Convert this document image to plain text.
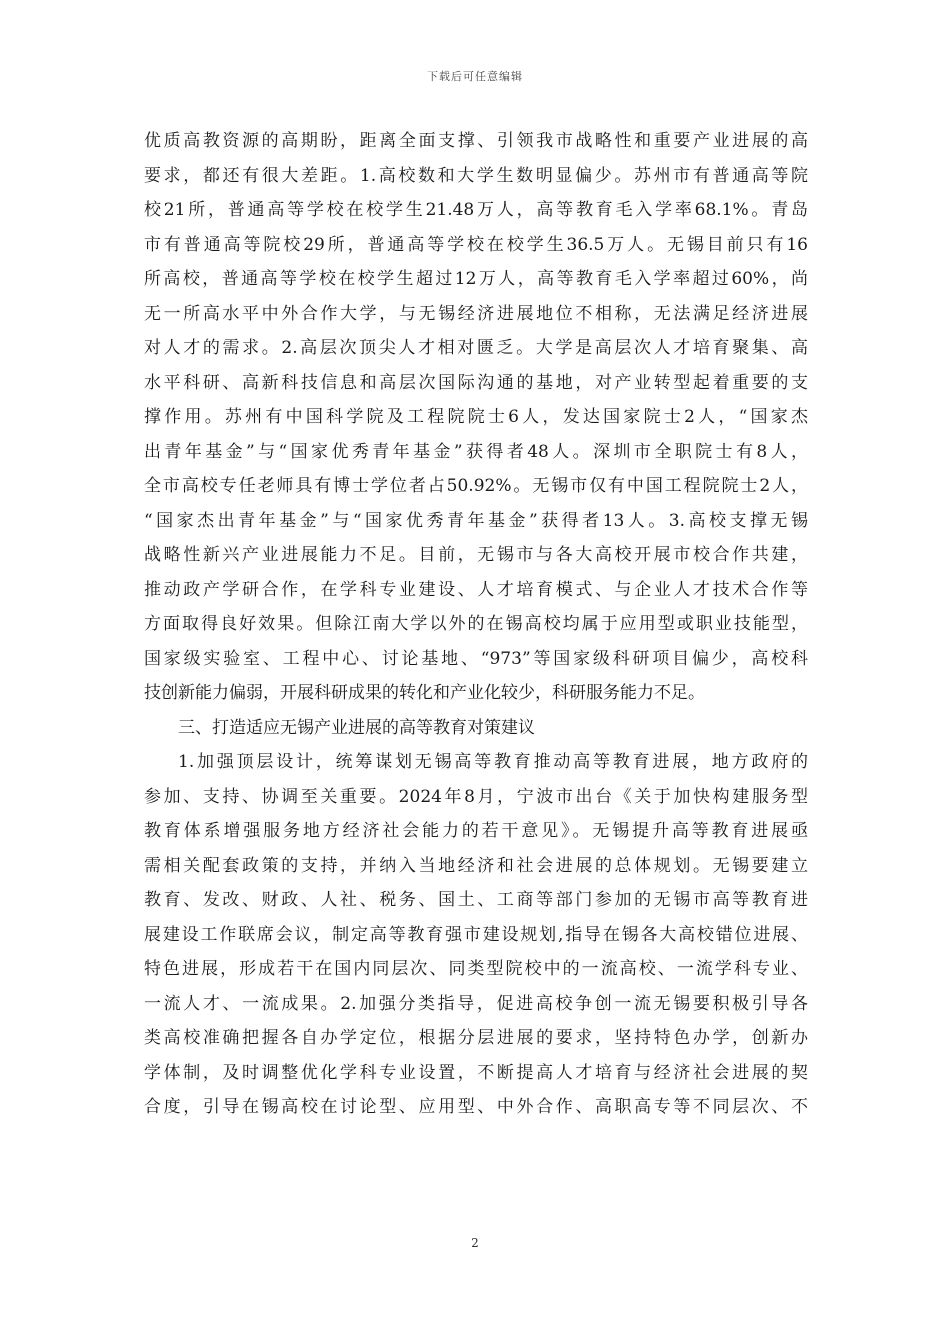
下载后可任意编辑
优质高教资源的高期盼，距离全面支撑、引领我市战略性和重要产业进展的高
要求，都还有很大差距。1.高校数和大学生数明显偏少。苏州市有普通高等院
校21所，普通高等学校在校学生21.48万人，高等教育毛入学率68.1%。青岛
市有普通高等院校29所，普通高等学校在校学生36.5万人。无锡目前只有16
所高校，普通高等学校在校学生超过12万人，高等教育毛入学率超过60%，尚
无一所高水平中外合作大学，与无锡经济进展地位不相称，无法满足经济进展
对人才的需求。2.高层次顶尖人才相对匮乏。大学是高层次人才培育聚集、高
水平科研、高新科技信息和高层次国际沟通的基地，对产业转型起着重要的支
撑作用。苏州有中国科学院及工程院院士6人，发达国家院士2人，“国家杰
出青年基金”与“国家优秀青年基金”获得者48人。深圳市全职院士有8人，
全市高校专任老师具有博士学位者占50.92%。无锡市仅有中国工程院院士2人，
“国家杰出青年基金”与“国家优秀青年基金”获得者13人。3.高校支撑无锡
战略性新兴产业进展能力不足。目前，无锡市与各大高校开展市校合作共建，
推动政产学研合作，在学科专业建设、人才培育模式、与企业人才技术合作等
方面取得良好效果。但除江南大学以外的在锡高校均属于应用型或职业技能型，
国家级实验室、工程中心、讨论基地、“973”等国家级科研项目偏少，高校科
技创新能力偏弱，开展科研成果的转化和产业化较少，科研服务能力不足。
三、打造适应无锡产业进展的高等教育对策建议
1.加强顶层设计，统筹谋划无锡高等教育推动高等教育进展，地方政府的
参加、支持、协调至关重要。2024年8月，宁波市出台《关于加快构建服务型
教育体系增强服务地方经济社会能力的若干意见》。无锡提升高等教育进展亟
需相关配套政策的支持，并纳入当地经济和社会进展的总体规划。无锡要建立
教育、发改、财政、人社、税务、国土、工商等部门参加的无锡市高等教育进
展建设工作联席会议，制定高等教育强市建设规划,指导在锡各大高校错位进展、
特色进展，形成若干在国内同层次、同类型院校中的一流高校、一流学科专业、
一流人才、一流成果。2.加强分类指导，促进高校争创一流无锡要积极引导各
类高校准确把握各自办学定位，根据分层进展的要求，坚持特色办学，创新办
学体制，及时调整优化学科专业设置，不断提高人才培育与经济社会进展的契
合度，引导在锡高校在讨论型、应用型、中外合作、高职高专等不同层次、不
2
